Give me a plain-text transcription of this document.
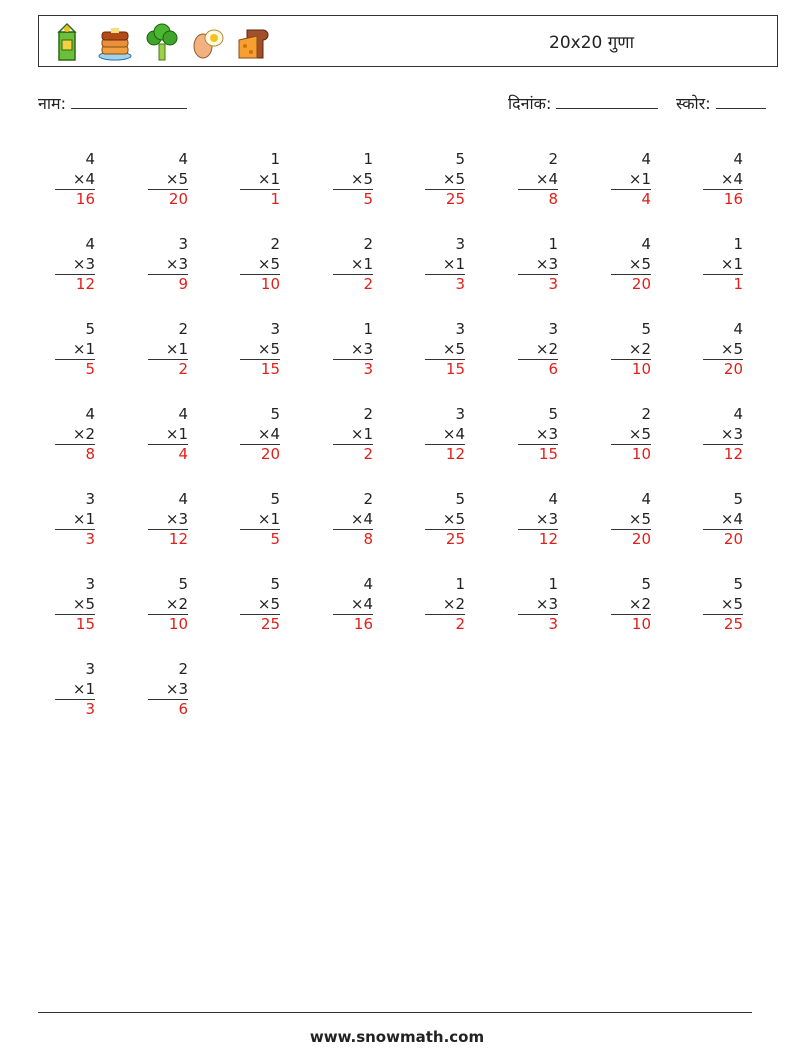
20x20 गुणा
नाम:	दिनांक:	स्कोर:
4
×4
16
4
×5
20
1
×1
1
1
×5
5
5
×5
25
2
×4
8
4
×1
4
4
×4
16
4
×3
12
3
×3
9
2
×5
10
2
×1
2
3
×1
3
1
×3
3
4
×5
20
1
×1
1
5
×1
5
2
×1
2
3
×5
15
1
×3
3
3
×5
15
3
×2
6
5
×2
10
4
×5
20
4
×2
8
4
×1
4
5
×4
20
2
×1
2
3
×4
12
5
×3
15
2
×5
10
4
×3
12
3
×1
3
4
×3
12
5
×1
5
2
×4
8
5
×5
25
4
×3
12
4
×5
20
5
×4
20
3
×5
15
5
×2
10
5
×5
25
4
×4
16
1
×2
2
1
×3
3
5
×2
10
5
×5
25
3
×1
3
2
×3
6
www.snowmath.com
